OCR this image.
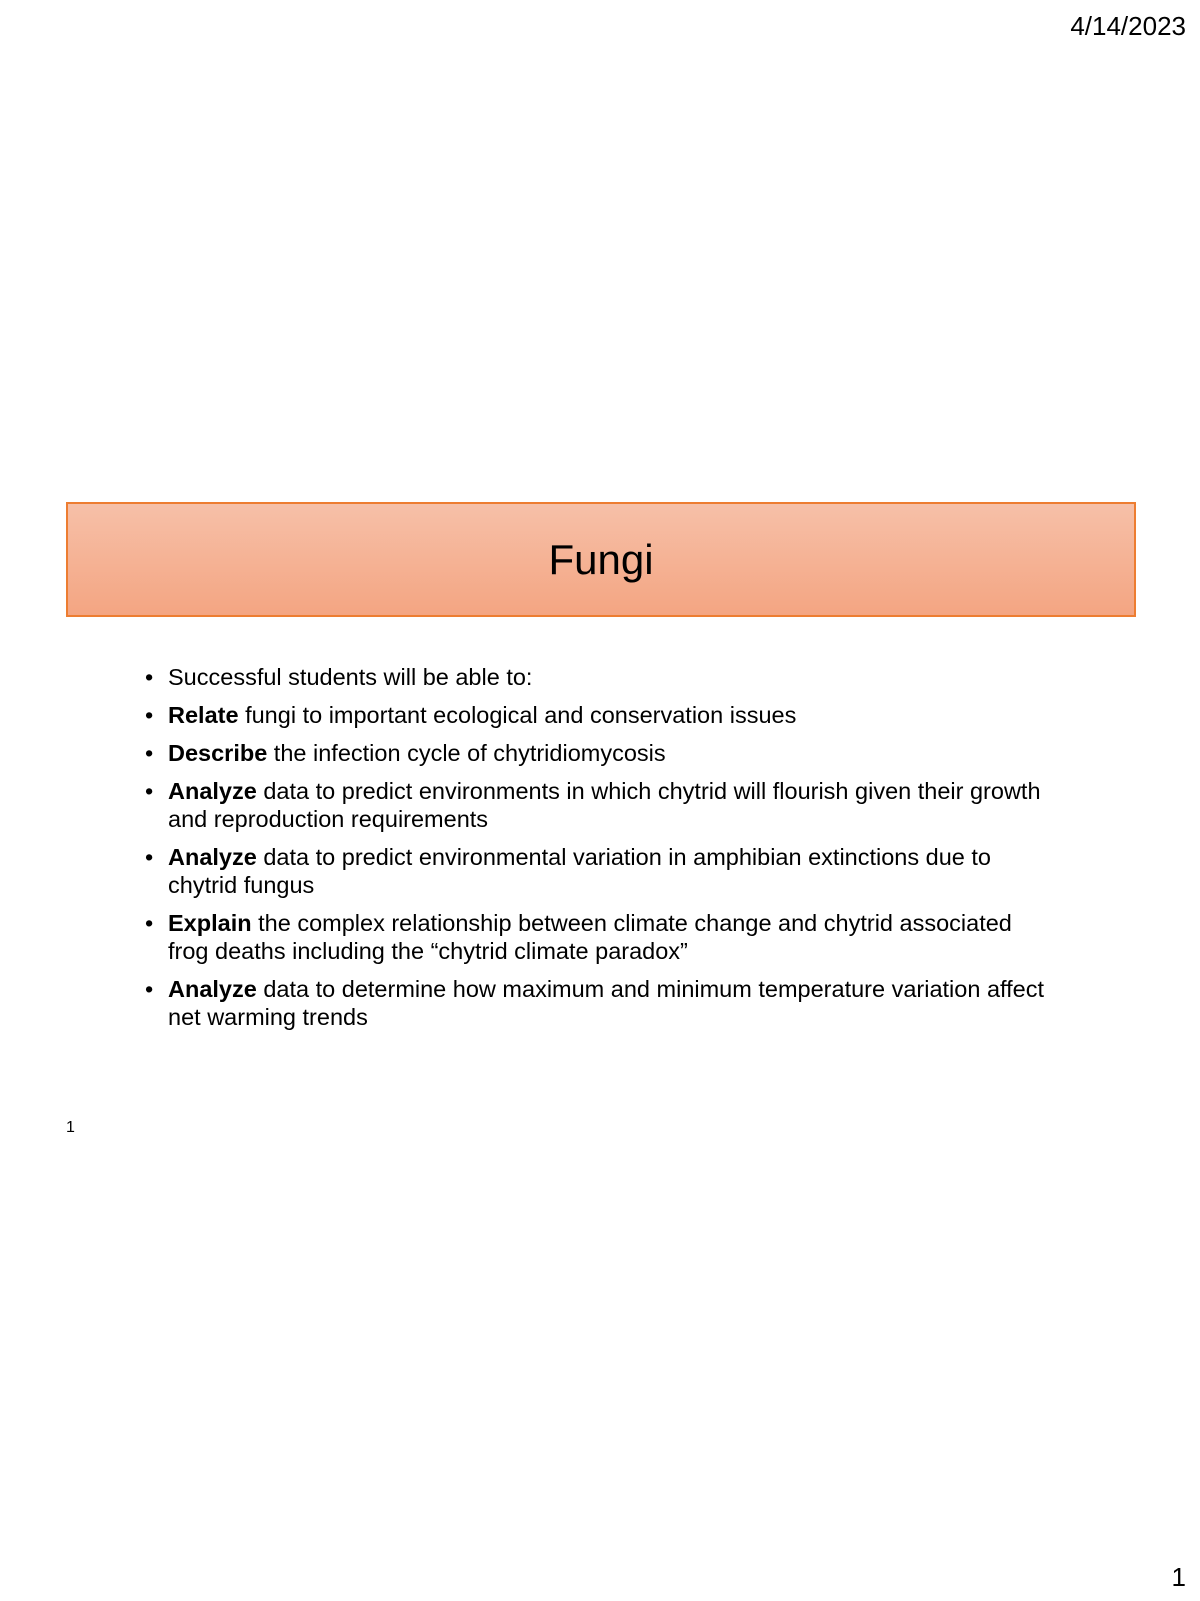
4/14/2023
Fungi
• Successful students will be able to:
• Relate fungi to important ecological and conservation issues
• Describe the infection cycle of chytridiomycosis
• Analyze data to predict environments in which chytrid will flourish given their growth and reproduction requirements
• Analyze data to predict environmental variation in amphibian extinctions due to chytrid fungus
• Explain the complex relationship between climate change and chytrid associated frog deaths including the “chytrid climate paradox”
• Analyze data to determine how maximum and minimum temperature variation affect net warming trends
1
1
